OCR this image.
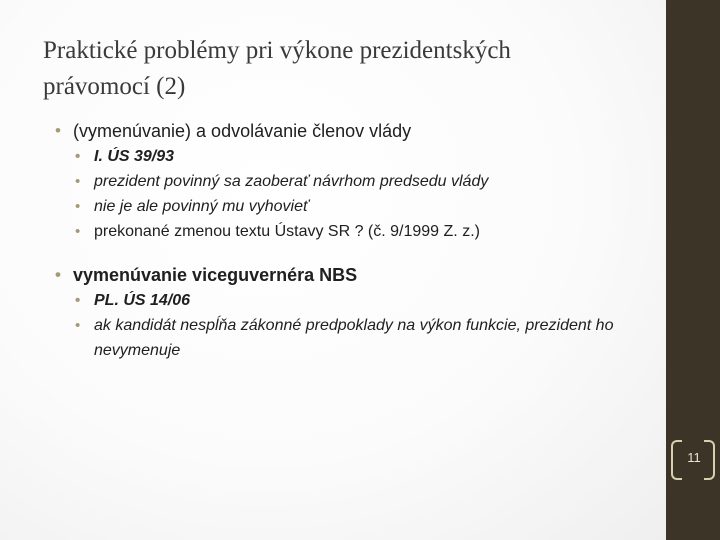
Praktické problémy pri výkone prezidentských
právomocí (2)
• (vymenúvanie) a odvolávanie členov vlády
• I. ÚS 39/93
• prezident povinný sa zaoberať návrhom predsedu vlády
• nie je ale povinný mu vyhovieť
• prekonané zmenou textu Ústavy SR ? (č. 9/1999 Z. z.)
• vymenúvanie viceguvernéra NBS
• PL. ÚS 14/06
• ak kandidát nespĺňa zákonné predpoklady na výkon funkcie, prezident ho nevymenuje
11
